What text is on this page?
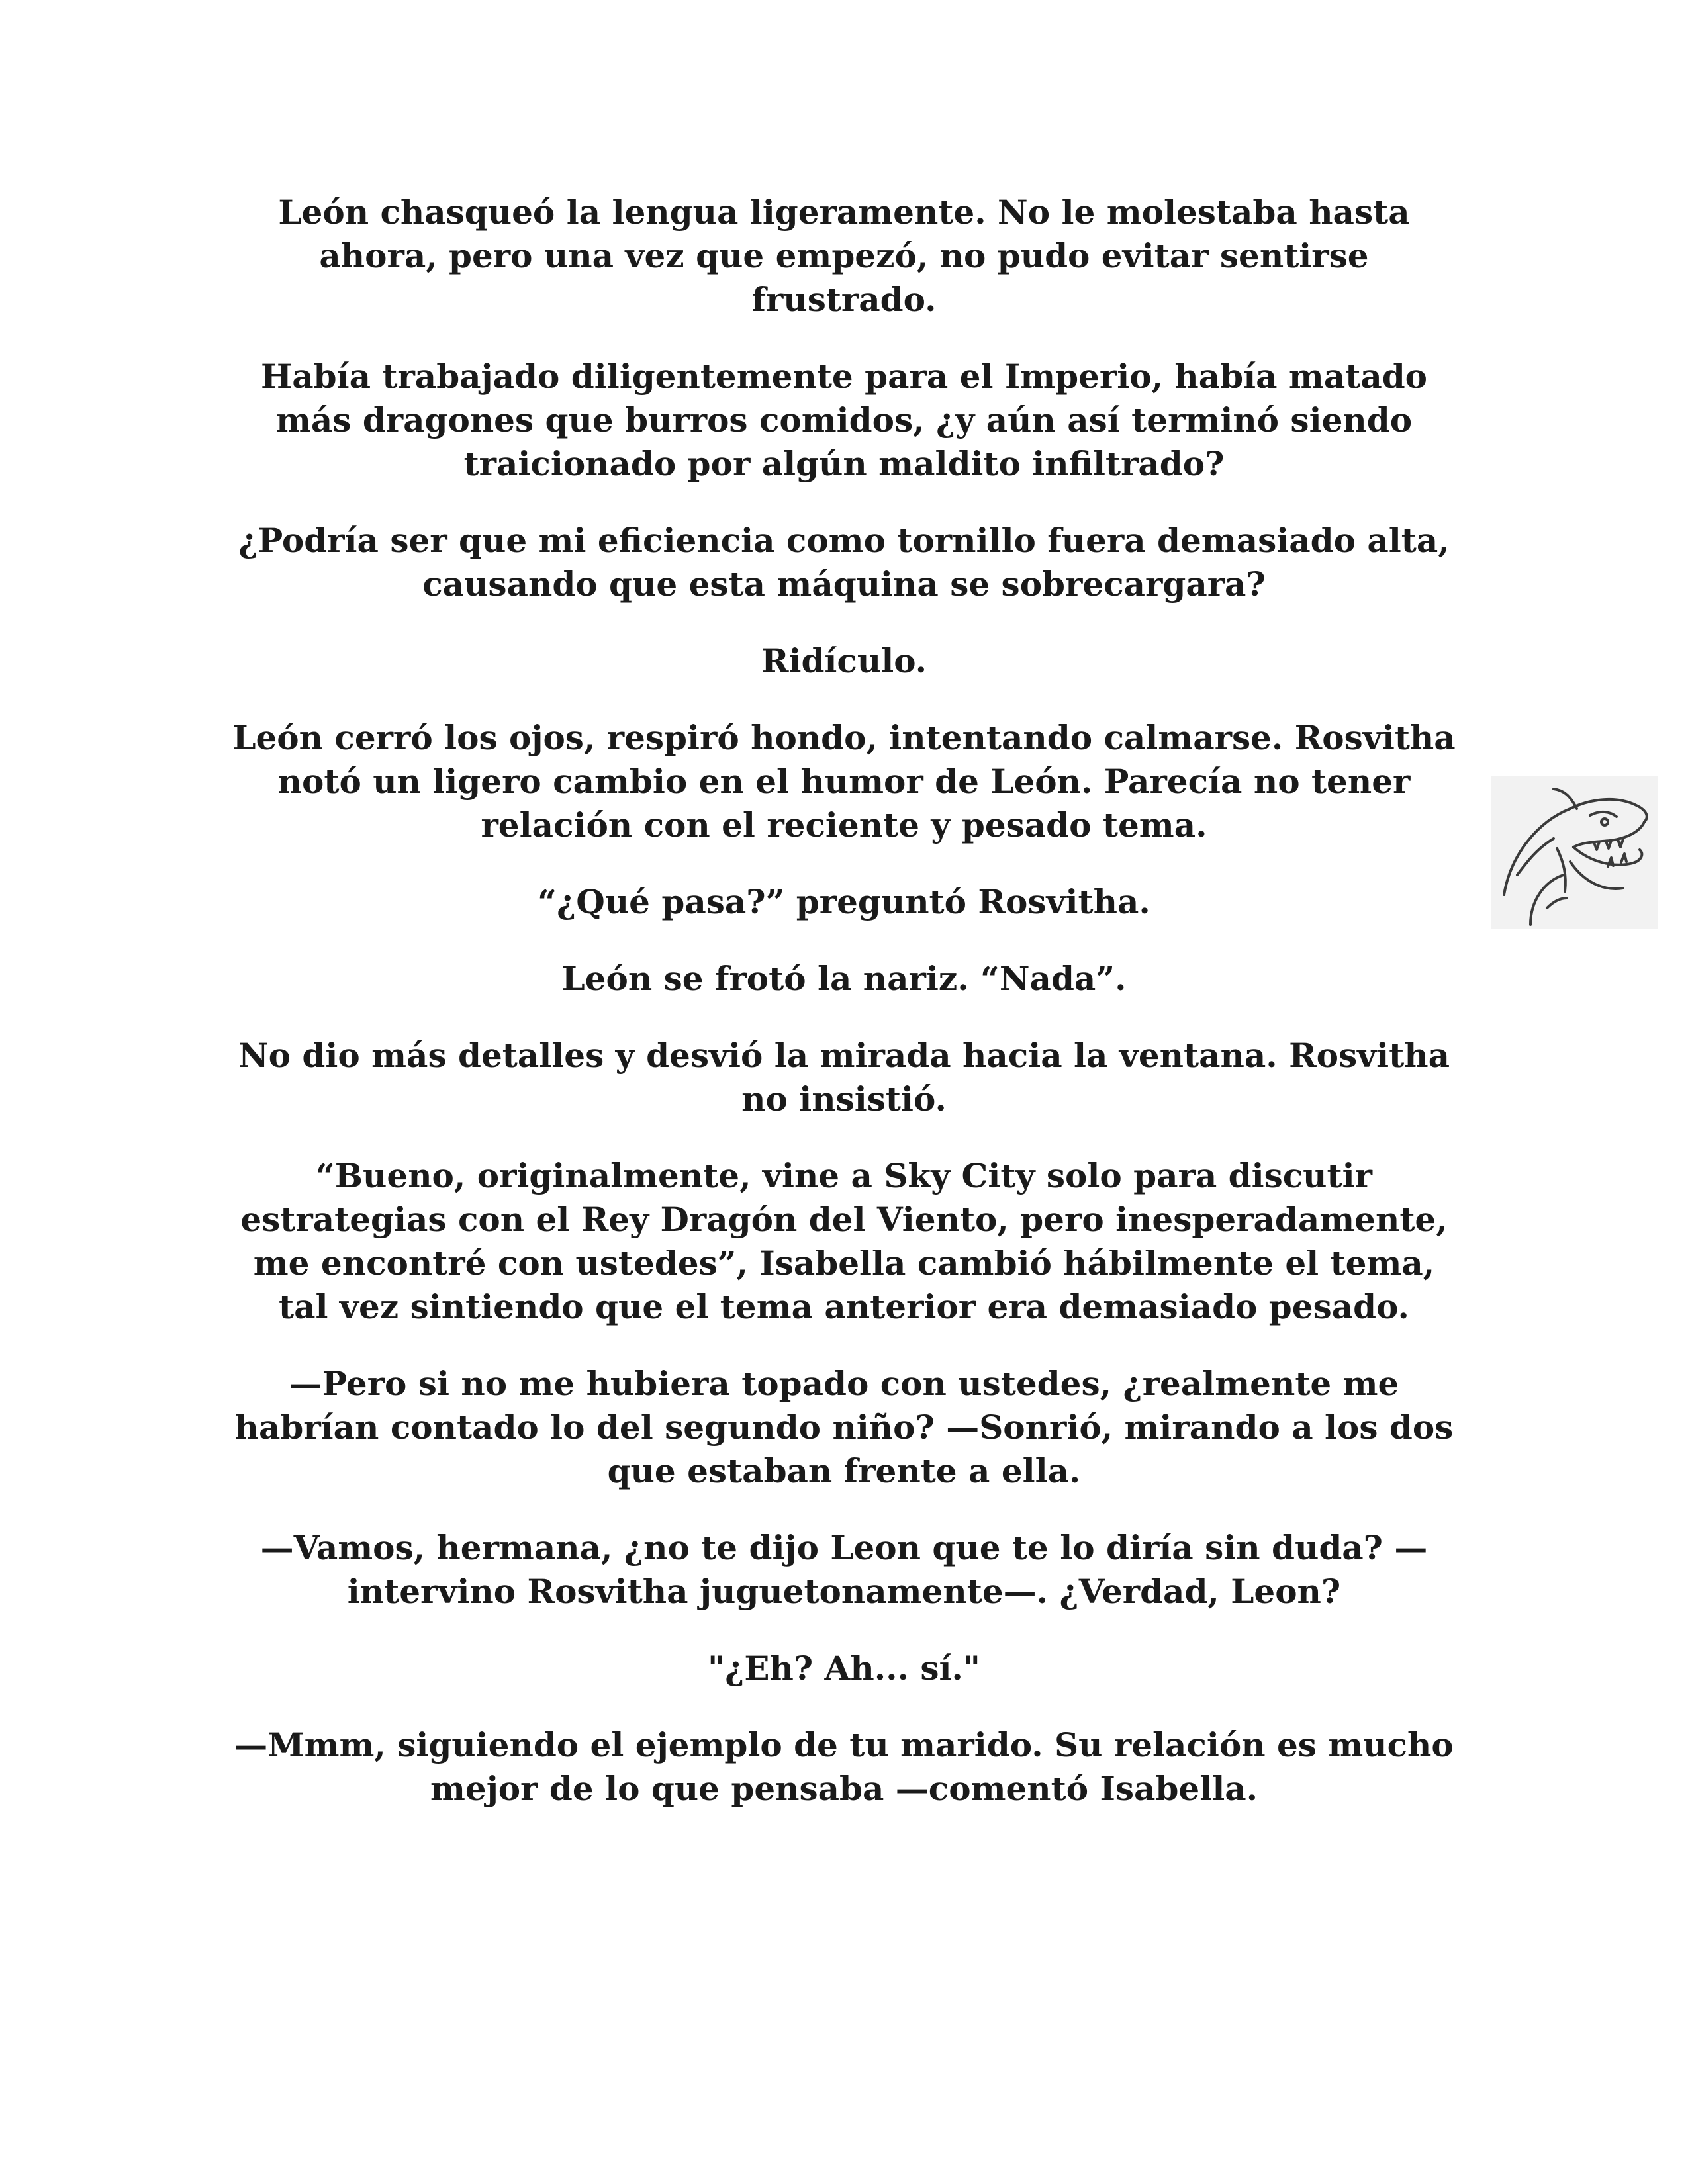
León chasqueó la lengua ligeramente. No le molestaba hasta ahora, pero una vez que empezó, no pudo evitar sentirse frustrado.

Había trabajado diligentemente para el Imperio, había matado más dragones que burros comidos, ¿y aún así terminó siendo traicionado por algún maldito infiltrado?

¿Podría ser que mi eficiencia como tornillo fuera demasiado alta, causando que esta máquina se sobrecargara?

Ridículo.

León cerró los ojos, respiró hondo, intentando calmarse. Rosvitha notó un ligero cambio en el humor de León. Parecía no tener relación con el reciente y pesado tema.

“¿Qué pasa?” preguntó Rosvitha.

León se frotó la nariz. “Nada”.

No dio más detalles y desvió la mirada hacia la ventana. Rosvitha no insistió.

“Bueno, originalmente, vine a Sky City solo para discutir estrategias con el Rey Dragón del Viento, pero inesperadamente, me encontré con ustedes”, Isabella cambió hábilmente el tema, tal vez sintiendo que el tema anterior era demasiado pesado.

—Pero si no me hubiera topado con ustedes, ¿realmente me habrían contado lo del segundo niño? —Sonrió, mirando a los dos que estaban frente a ella.

—Vamos, hermana, ¿no te dijo Leon que te lo diría sin duda? —intervino Rosvitha juguetonamente—. ¿Verdad, Leon?

"¿Eh? Ah... sí."

—Mmm, siguiendo el ejemplo de tu marido. Su relación es mucho mejor de lo que pensaba —comentó Isabella.
